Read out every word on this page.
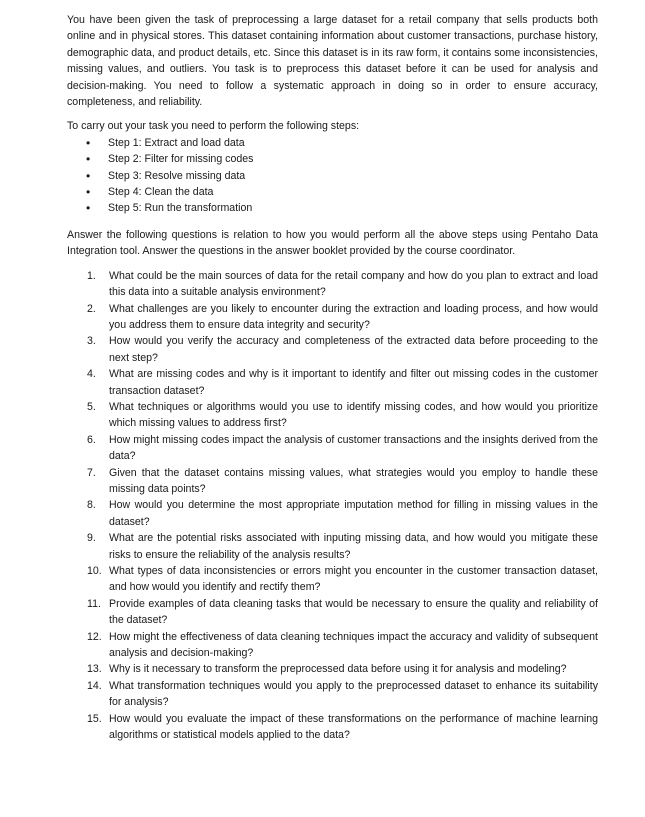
You have been given the task of preprocessing a large dataset for a retail company that sells products both online and in physical stores. This dataset containing information about customer transactions, purchase history, demographic data, and product details, etc. Since this dataset is in its raw form, it contains some inconsistencies, missing values, and outliers. You task is to preprocess this dataset before it can be used for analysis and decision-making. You need to follow a systematic approach in doing so in order to ensure accuracy, completeness, and reliability.

To carry out your task you need to perform the following steps:

• Step 1: Extract and load data
• Step 2: Filter for missing codes
• Step 3: Resolve missing data
• Step 4: Clean the data
• Step 5: Run the transformation

Answer the following questions is relation to how you would perform all the above steps using Pentaho Data Integration tool. Answer the questions in the answer booklet provided by the course coordinator.

1.	What could be the main sources of data for the retail company and how do you plan to extract and load this data into a suitable analysis environment?
2.	What challenges are you likely to encounter during the extraction and loading process, and how would you address them to ensure data integrity and security?
3.	How would you verify the accuracy and completeness of the extracted data before proceeding to the next step?
4.	What are missing codes and why is it important to identify and filter out missing codes in the customer transaction dataset?
5.	What techniques or algorithms would you use to identify missing codes, and how would you prioritize which missing values to address first?
6.	How might missing codes impact the analysis of customer transactions and the insights derived from the data?
7.	Given that the dataset contains missing values, what strategies would you employ to handle these missing data points?
8.	How would you determine the most appropriate imputation method for filling in missing values in the dataset?
9.	What are the potential risks associated with inputing missing data, and how would you mitigate these risks to ensure the reliability of the analysis results?
10. What types of data inconsistencies or errors might you encounter in the customer transaction dataset, and how would you identify and rectify them?
11. Provide examples of data cleaning tasks that would be necessary to ensure the quality and reliability of the dataset?
12. How might the effectiveness of data cleaning techniques impact the accuracy and validity of subsequent analysis and decision-making?
13. Why is it necessary to transform the preprocessed data before using it for analysis and modeling?
14. What transformation techniques would you apply to the preprocessed dataset to enhance its suitability for analysis?
15. How would you evaluate the impact of these transformations on the performance of machine learning algorithms or statistical models applied to the data?
